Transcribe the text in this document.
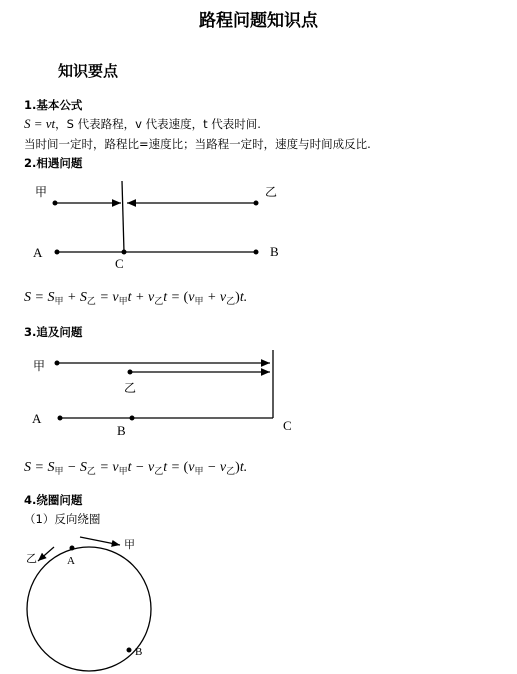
路程问题知识点
知识要点
1.基本公式
S = vt，S 代表路程，v 代表速度，t 代表时间.
当时间一定时，路程比=速度比；当路程一定时，速度与时间成反比.
2.相遇问题
甲	乙
A	B
C
$S = S_甲 + S_乙 = v_甲t + v_乙t = (v_甲 + v_乙)t$.
3.追及问题
甲
乙
A
B	C
$S = S_甲 - S_乙 = v_甲t - v_乙t = (v_甲 - v_乙)t$.
4.绕圈问题
（1）反向绕圈
甲
乙	A
B
